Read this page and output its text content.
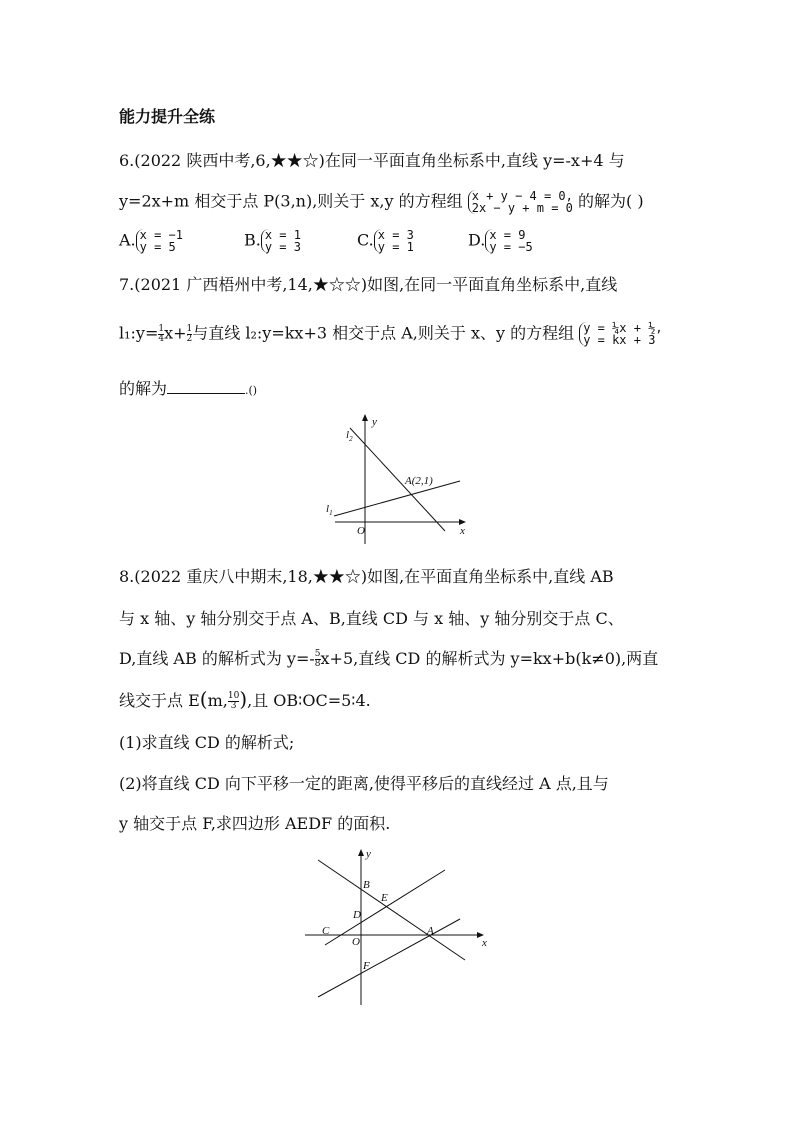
能力提升全练
6.(2022 陕西中考,6,★★☆)在同一平面直角坐标系中,直线 y=-x+4 与
y=2x+m 相交于点 P(3,n),则关于 x,y 的方程组 x + y − 4 = 0,
2x − y + m = 0 的解为( )
A. x = −1
y = 5	B. x = 1
y = 3	C. x = 3
y = 1	D. x = 9
y = −5
7.(2021 广西梧州中考,14,★☆☆)如图,在同一平面直角坐标系中,直线
l₁:y= $\frac{1}{4} x+ \frac{1}{2}$ 与直线 l₂:y=kx+3 相交于点 A,则关于 x、y 的方程组 y = ¼x + ½,
y = kx + 3
的解为	.()
$l_2$
y
A(2,1)
$l_1$
O	x
8.(2022 重庆八中期末,18,★★☆)如图,在平面直角坐标系中,直线 AB
与 x 轴、y 轴分别交于点 A、B,直线 CD 与 x 轴、y 轴分别交于点 C、
D,直线 AB 的解析式为 $y=- \frac{5}{8} x+5$,直线 CD 的解析式为 y=kx+b(k≠0),两直
线交于点 E(m, $\frac{10}{3}$ ),且 OB∶OC=5∶4.
(1)求直线 CD 的解析式;
(2)将直线 CD 向下平移一定的距离,使得平移后的直线经过 A 点,且与
y 轴交于点 F,求四边形 AEDF 的面积.
y
B
E
D
C
O
A
x
F
